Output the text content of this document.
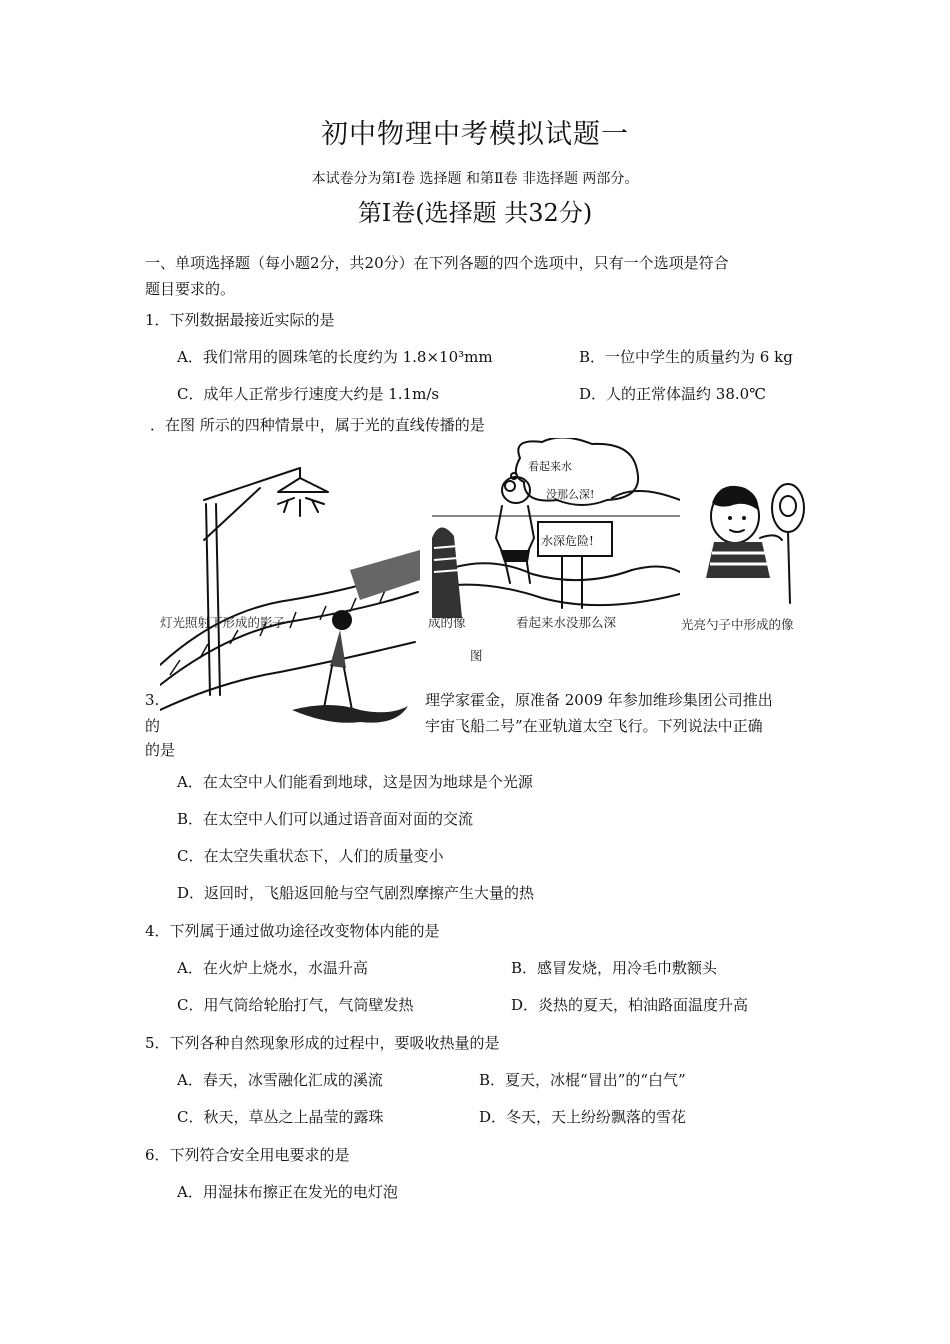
初中物理中考模拟试题一
本试卷分为第Ⅰ卷 选择题 和第Ⅱ卷 非选择题 两部分。
第Ⅰ卷(选择题 共32分)
一、单项选择题（每小题2分，共20分）在下列各题的四个选项中，只有一个选项是符合
题目要求的。
1．下列数据最接近实际的是
A．我们常用的圆珠笔的长度约为 1.8×10³mm	B．一位中学生的质量约为 6 kg
C．成年人正常步行速度大约是 1.1m/s	D．人的正常体温约 38.0℃
．在图 所示的四种情景中，属于光的直线传播的是
看起来水
没那么深!
水深危险!
灯光照射下形成的影子	成的像	看起来水没那么深	光亮勺子中形成的像
图
3.	理学家霍金，原准备 2009 年参加维珍集团公司推出
的	宇宙飞船二号”在亚轨道太空飞行。下列说法中正确
的是
A．在太空中人们能看到地球，这是因为地球是个光源
B．在太空中人们可以通过语音面对面的交流
C．在太空失重状态下，人们的质量变小
D．返回时，飞船返回舱与空气剧烈摩擦产生大量的热
4．下列属于通过做功途径改变物体内能的是
A．在火炉上烧水，水温升高	B．感冒发烧，用冷毛巾敷额头
C．用气筒给轮胎打气，气筒壁发热	D．炎热的夏天，柏油路面温度升高
5．下列各种自然现象形成的过程中，要吸收热量的是
A．春天，冰雪融化汇成的溪流	B．夏天，冰棍“冒出”的“白气”
C．秋天，草丛之上晶莹的露珠	D．冬天，天上纷纷飘落的雪花
6．下列符合安全用电要求的是
A．用湿抹布擦正在发光的电灯泡
